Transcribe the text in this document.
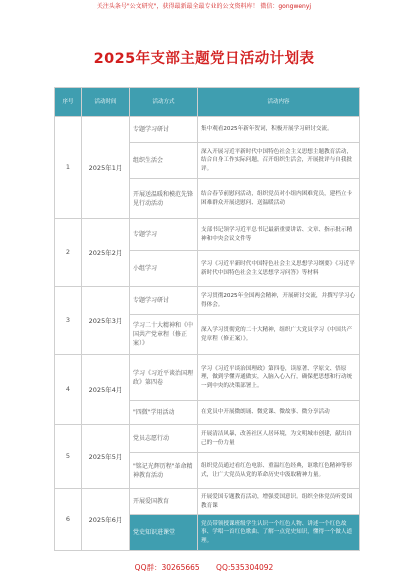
关注头条号"公文研究"，获得最新最全最专业的公文资料库！ 微信：gongwenyj
2025年支部主题党日活动计划表
序号	活动时间	活动方式	活动内容
1	2025年1月	专题学习研讨	集中观看2025年新年贺词，积极开展学习研讨交流。
		组织生活会	深入开展习近平新时代中国特色社会主义思想主题教育活动，结合自身工作实际问题，召开组织生活会，开展批评与自我批评。
		开展送温暖和模范先锋见行动活动	结合春节前慰问活动，组织党员对小组内困难党员，建档立卡困难群众开展送慰问、送温暖活动
2	2025年2月	专题学习	支部书记领学习近平总书记最新重要讲话、文章、指示批示精神和中央会议文件等
		小组学习	学习《习近平新时代中国特色社会主义思想学习纲要》《习近平新时代中国特色社会主义思想学习问答》等材料
3	2025年3月	专题学习研讨	学习贯彻2025年全国两会精神，开展研讨交流，并撰写学习心得体会。
		学习二十大精神和《中国共产党章程（修正案）》	深入学习贯彻党的二十大精神，组织广大党员学习《中国共产党章程（修正案）》。
4	2025年4月	学习《习近平谈治国理政》第四卷	学习《习近平谈治国理政》第四卷，读原著、学原文、悟原理，做到学懂弄通做实，入脑入心入行，确保把思想和行动统一到中央的决策部署上。
		"四微"学用活动	在党员中开展微朗诵、微党课、微故事、微分享活动
5	2025年5月	党员志愿行动	开展清洁风暴，改善社区人居环境，为文明城市创建，献出自己的一份力量
		"铭记光辉历程"革命精神教育活动	组织党员通过看红色电影、重温红色经典，讴歌红色精神等形式，让广大党员从党的革命历史中汲取精神力量。
6	2025年6月	开展爱国教育	开展爱国专题教育活动，增强爱国意识。组织全体党员听爱国教育课
		党史知识进课堂	党员带领授课班级学生认识一个红色人物、讲述一个红色故事、学唱一首红色歌曲、了解一点党史知识，懂得一个做人道理。
QQ群：30265665 QQ:535304092
